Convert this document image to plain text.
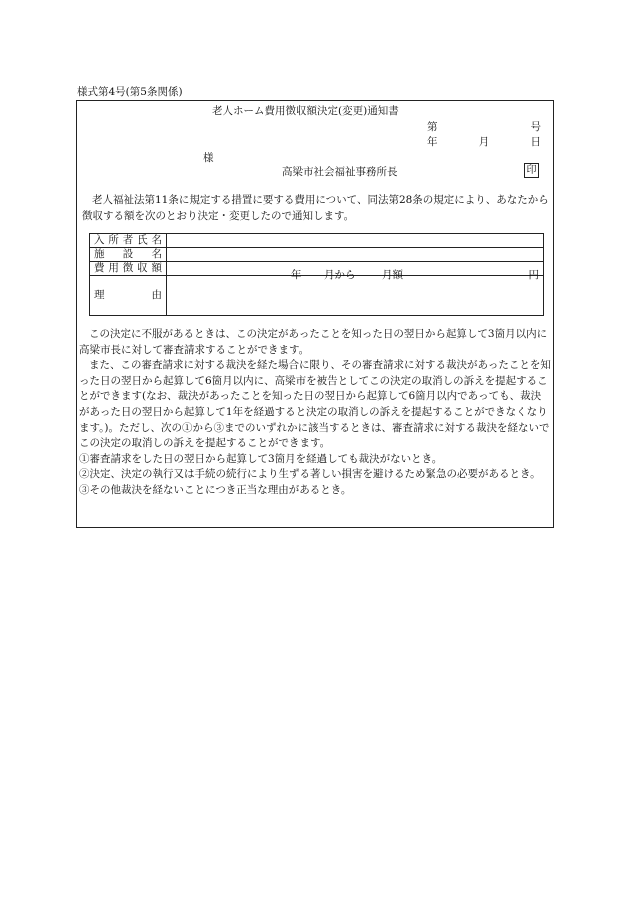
様式第4号(第5条関係)
老人ホーム費用徴収額決定(変更)通知書
第	号
年	月	日
様
高梁市社会福祉事務所長	印
老人福祉法第11条に規定する措置に要する費用について、同法第28条の規定により、あなたから徴収する額を次のとおり決定・変更したので通知します。
入 所 者 氏 名	

施 設 名	

費 用 徴 収 額	年 月から 月額 円

理 由	

この決定に不服があるときは、この決定があったことを知った日の翌日から起算して3箇月以内に高梁市長に対して審査請求することができます。

また、この審査請求に対する裁決を経た場合に限り、その審査請求に対する裁決があったことを知った日の翌日から起算して6箇月以内に、高梁市を被告としてこの決定の取消しの訴えを提起することができます(なお、裁決があったことを知った日の翌日から起算して6箇月以内であっても、裁決があった日の翌日から起算して1年を経過すると決定の取消しの訴えを提起することができなくなります。)。ただし、次の①から③までのいずれかに該当するときは、審査請求に対する裁決を経ないでこの決定の取消しの訴えを提起することができます。

①審査請求をした日の翌日から起算して3箇月を経過しても裁決がないとき。

②決定、決定の執行又は手続の続行により生ずる著しい損害を避けるため緊急の必要があるとき。

③その他裁決を経ないことにつき正当な理由があるとき。
